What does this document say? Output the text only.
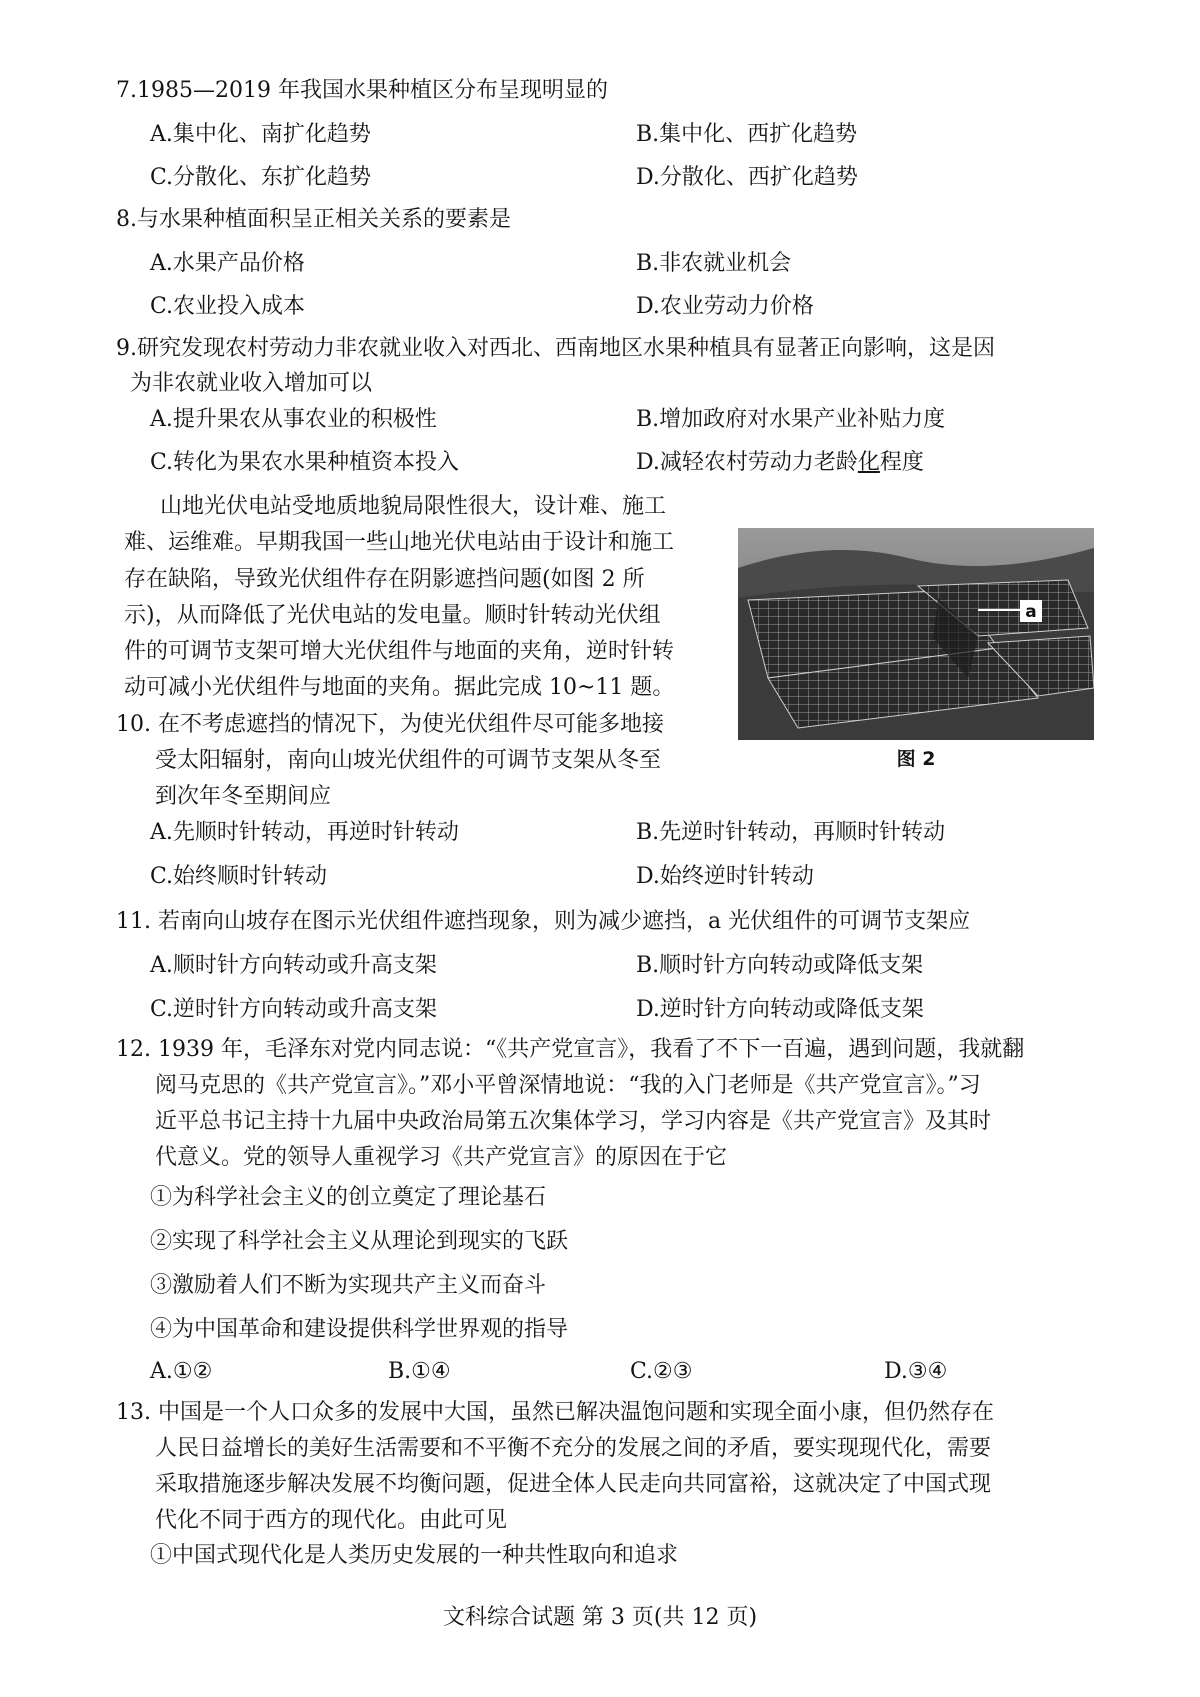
7.1985—2019 年我国水果种植区分布呈现明显的
A.集中化、南扩化趋势	B.集中化、西扩化趋势
C.分散化、东扩化趋势	D.分散化、西扩化趋势
8.与水果种植面积呈正相关关系的要素是
A.水果产品价格	B.非农就业机会
C.农业投入成本	D.农业劳动力价格
9.研究发现农村劳动力非农就业收入对西北、西南地区水果种植具有显著正向影响，这是因
为非农就业收入增加可以
A.提升果农从事农业的积极性	B.增加政府对水果产业补贴力度
C.转化为果农水果种植资本投入	D.减轻农村劳动力老龄化程度
山地光伏电站受地质地貌局限性很大，设计难、施工
难、运维难。早期我国一些山地光伏电站由于设计和施工
存在缺陷，导致光伏组件存在阴影遮挡问题(如图 2 所
示)，从而降低了光伏电站的发电量。顺时针转动光伏组
件的可调节支架可增大光伏组件与地面的夹角，逆时针转
动可减小光伏组件与地面的夹角。据此完成 10~11 题。
a
图 2
10. 在不考虑遮挡的情况下，为使光伏组件尽可能多地接
受太阳辐射，南向山坡光伏组件的可调节支架从冬至
到次年冬至期间应
A.先顺时针转动，再逆时针转动	B.先逆时针转动，再顺时针转动
C.始终顺时针转动	D.始终逆时针转动
11. 若南向山坡存在图示光伏组件遮挡现象，则为减少遮挡，a 光伏组件的可调节支架应
A.顺时针方向转动或升高支架	B.顺时针方向转动或降低支架
C.逆时针方向转动或升高支架	D.逆时针方向转动或降低支架
12. 1939 年，毛泽东对党内同志说：“《共产党宣言》，我看了不下一百遍，遇到问题，我就翻
阅马克思的《共产党宣言》。”邓小平曾深情地说：“我的入门老师是《共产党宣言》。”习
近平总书记主持十九届中央政治局第五次集体学习，学习内容是《共产党宣言》及其时
代意义。党的领导人重视学习《共产党宣言》的原因在于它
①为科学社会主义的创立奠定了理论基石
②实现了科学社会主义从理论到现实的飞跃
③激励着人们不断为实现共产主义而奋斗
④为中国革命和建设提供科学世界观的指导
A.①②	B.①④	C.②③	D.③④
13. 中国是一个人口众多的发展中大国，虽然已解决温饱问题和实现全面小康，但仍然存在
人民日益增长的美好生活需要和不平衡不充分的发展之间的矛盾，要实现现代化，需要
采取措施逐步解决发展不均衡问题，促进全体人民走向共同富裕，这就决定了中国式现
代化不同于西方的现代化。由此可见
①中国式现代化是人类历史发展的一种共性取向和追求
文科综合试题 第 3 页(共 12 页)
